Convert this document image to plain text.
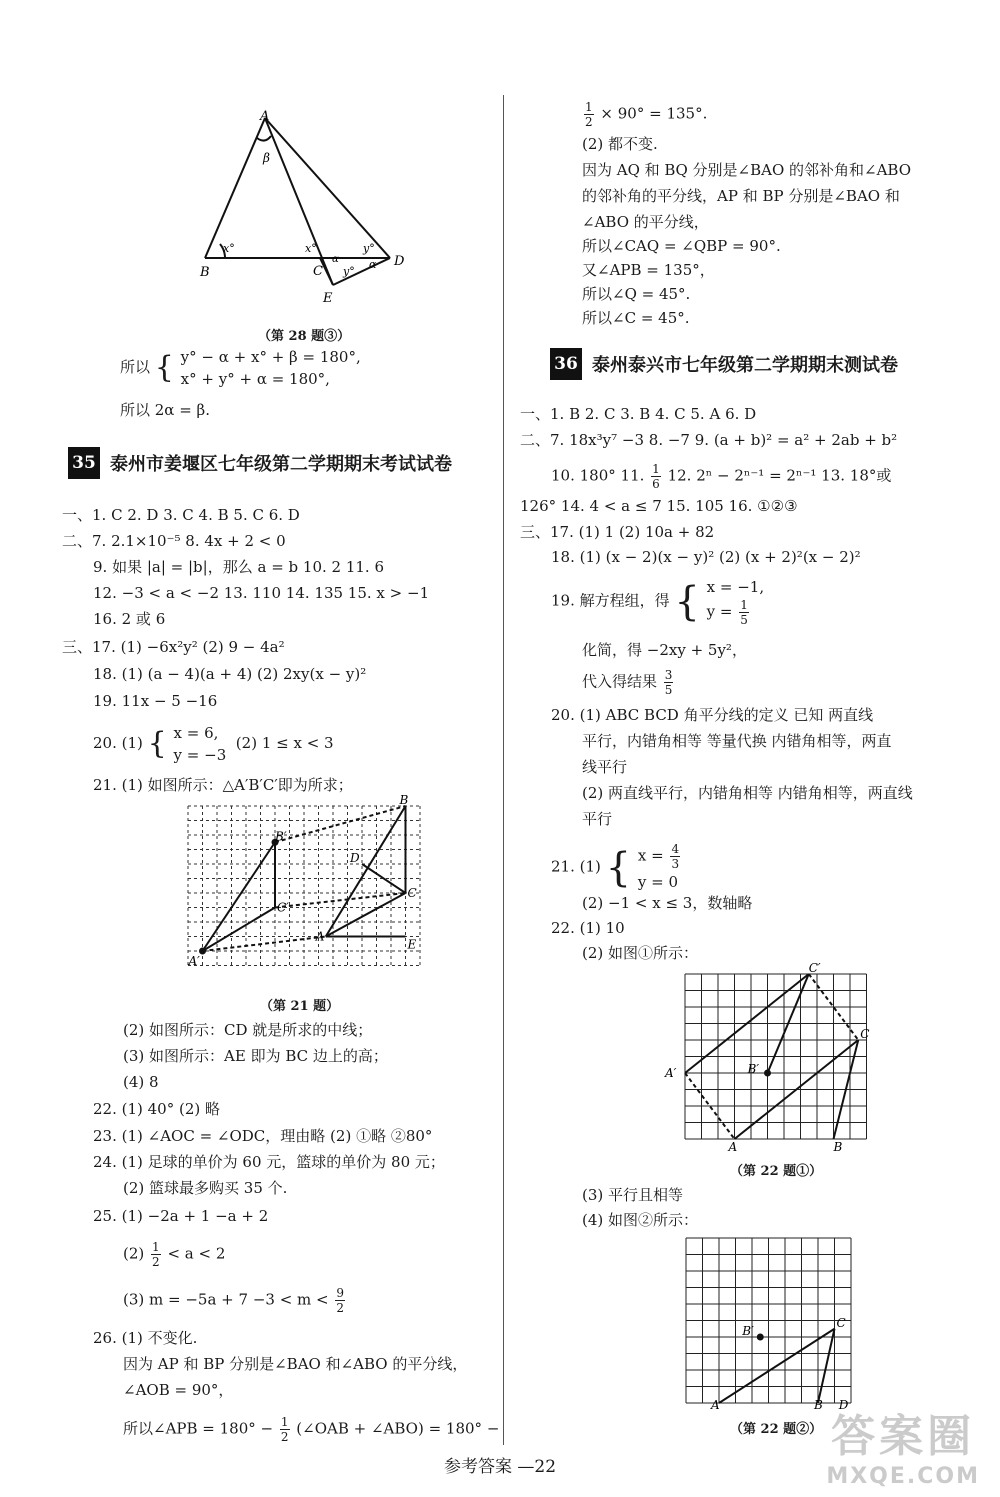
A
B	C
D
E
β
x°	x°	y°
y°
α
α
（第 28 题③）
所以 { y° − α + x° + β = 180°,
x° + y° + α = 180°,
所以 2α = β.
35 泰州市姜堰区七年级第二学期期末考试试卷
一、1. C 2. D 3. C 4. B 5. C 6. D
二、7. 2.1×10⁻⁵ 8. 4x + 2 < 0
9. 如果 |a| = |b|，那么 a = b 10. 2 11. 6
12. −3 < a < −2 13. 110 14. 135 15. x > −1
16. 2 或 6
三、17. (1) −6x²y² (2) 9 − 4a²
18. (1) (a − 4)(a + 4) (2) 2xy(x − y)²
19. 11x − 5 −16
20. (1) { x = 6,
y = −3  (2) 1 ≤ x < 3
21. (1) 如图所示：△A′B′C′即为所求；
A
B
C
D
E
A′
B′
C′
（第 21 题）
(2) 如图所示：CD 就是所求的中线；
(3) 如图所示：AE 即为 BC 边上的高；
(4) 8
22. (1) 40° (2) 略
23. (1) ∠AOC = ∠ODC，理由略 (2) ①略 ②80°
24. (1) 足球的单价为 60 元，篮球的单价为 80 元；
(2) 篮球最多购买 35 个.
25. (1) −2a + 1 −a + 2
$(2) \frac{1}{2} < a < 2$
(3) $m = -5a + 7 -3 < m < \frac{9}{2}$
26. (1) 不变化.
因为 AP 和 BP 分别是∠BAO 和∠ABO 的平分线，
∠AOB = 90°，
所以∠APB = $180^\circ - \frac{1}{2}$ (∠OAB + ∠ABO) = 180° −
$\frac{1}{2} \times 90^\circ = 135^\circ$.
(2) 都不变.
因为 AQ 和 BQ 分别是∠BAO 的邻补角和∠ABO
的邻补角的平分线，AP 和 BP 分别是∠BAO 和
∠ABO 的平分线，
所以∠CAQ = ∠QBP = 90°.
又∠APB = 135°，
所以∠Q = 45°.
所以∠C = 45°.
36 泰州泰兴市七年级第二学期期末测试卷
一、1. B 2. C 3. B 4. C 5. A 6. D
二、7. 18x³y⁷ −3 8. −7 9. (a + b)² = a² + 2ab + b²
10. 180° 11. $\frac{1}{6} 12$. 2ⁿ − 2ⁿ⁻¹ = 2ⁿ⁻¹ 13. 18°或
126° 14. 4 < a ≤ 7 15. 105 16. ①②③
三、17. (1) 1 (2) 10a + 82
18. (1) (x − 2)(x − y)² (2) (x + 2)²(x − 2)²
19. 解方程组，得 { x = −1,
$y = \frac{1}{5}$
化简，得 −2xy + 5y²，
代入得结果 $\frac{3}{5}$
20. (1) ABC BCD 角平分线的定义 已知 两直线
平行，内错角相等 等量代换 内错角相等，两直
线平行
(2) 两直线平行，内错角相等 内错角相等，两直线
平行
21. (1) { $x = \frac{4}{3}$

y = 0
(2) −1 < x ≤ 3，数轴略
22. (1) 10
(2) 如图①所示：
A	B
C
A′	B′
C′
（第 22 题①）
(3) 平行且相等
(4) 如图②所示：
A	B
C
D
B′
（第 22 题②）
参考答案 —22
答案圈
MXQE.COM
